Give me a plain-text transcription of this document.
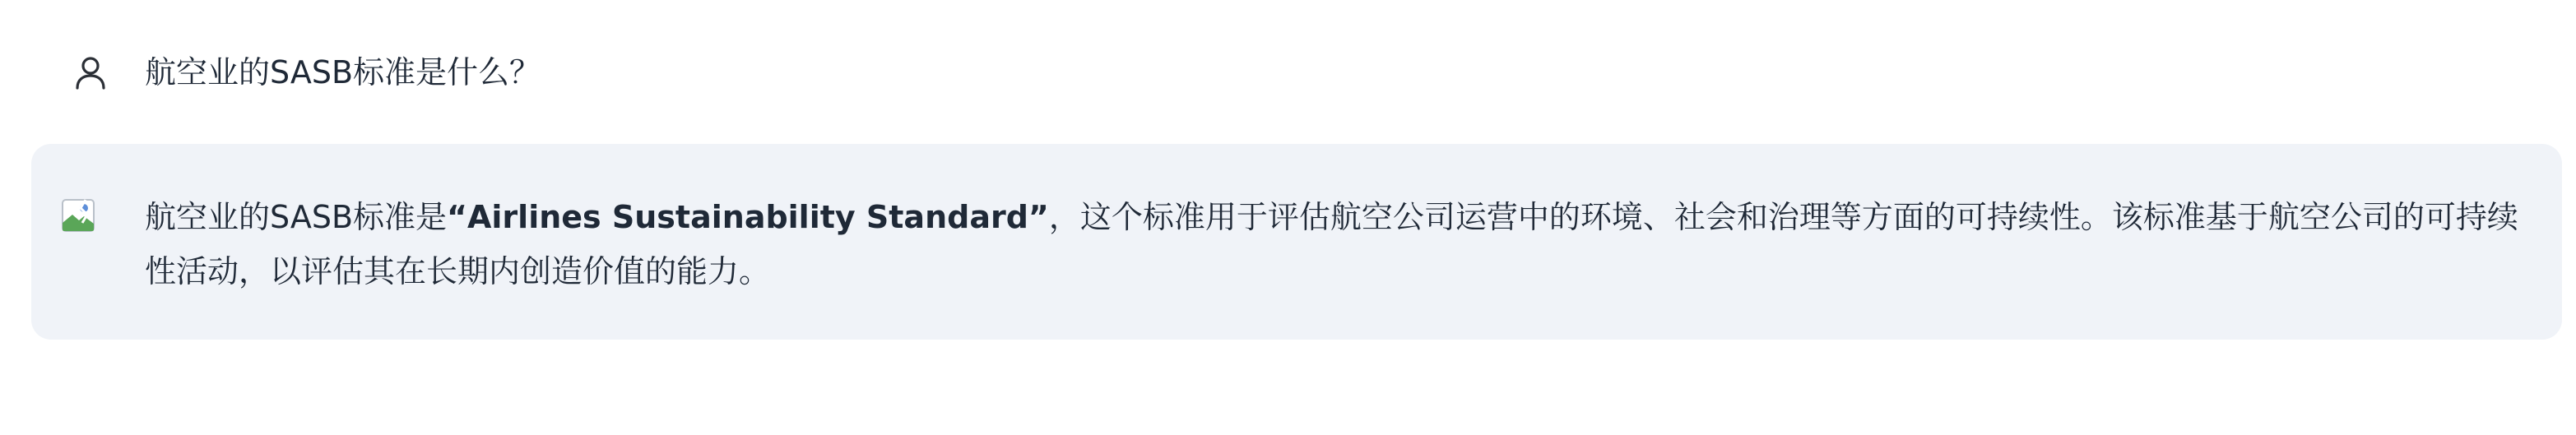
航空业的SASB标准是什么？
航空业的SASB标准是“Airlines Sustainability Standard”，这个标准用于评估航空公司运营中的环境、社会和治理等方面的可持续性。该标准基于航空公司的可持续性活动，以评估其在长期内创造价值的能力。
